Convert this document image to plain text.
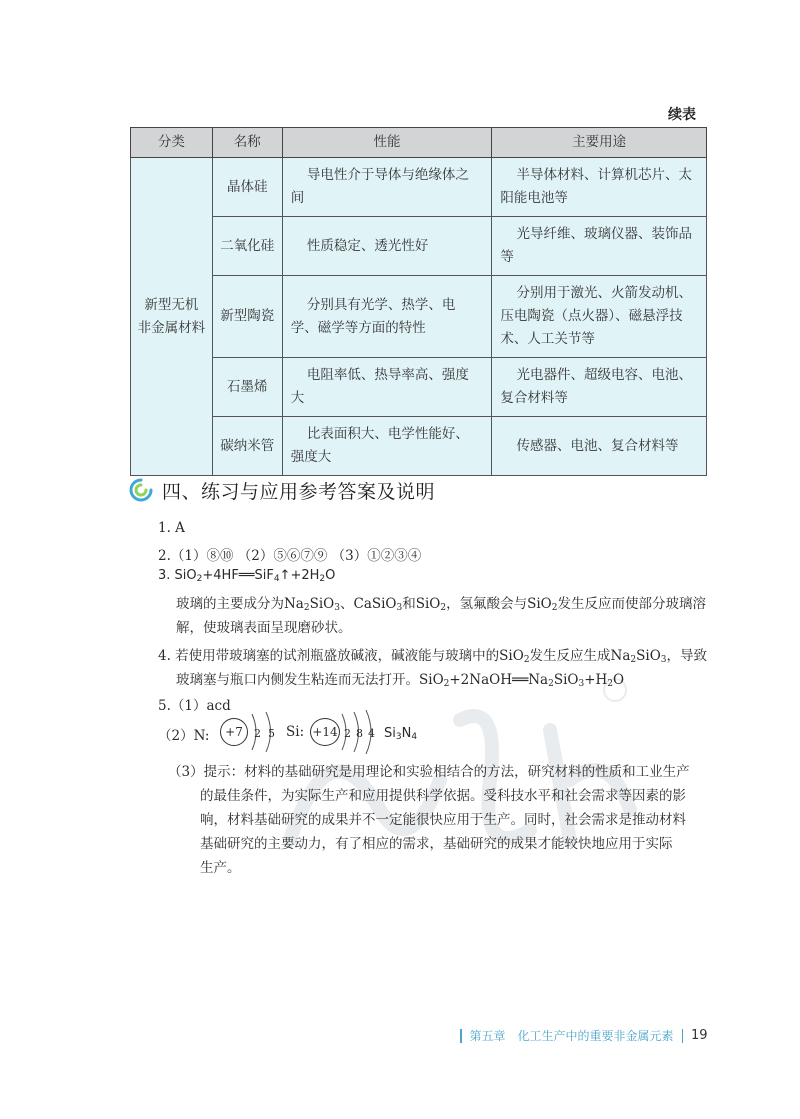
续表
分类	名称	性能	主要用途

新型无机
非金属材料	晶体硅	导电性介于导体与绝缘体之间	半导体材料、计算机芯片、太阳能电池等
	二氧化硅	性质稳定、透光性好	光导纤维、玻璃仪器、装饰品等
	新型陶瓷	分别具有光学、热学、电学、磁学等方面的特性	分别用于激光、火箭发动机、压电陶瓷（点火器）、磁悬浮技术、人工关节等
	石墨烯	电阻率低、热导率高、强度大	光电器件、超级电容、电池、复合材料等
	碳纳米管	比表面积大、电学性能好、强度大	传感器、电池、复合材料等
四、练习与应用参考答案及说明
1. A
2.（1）⑧⑩ （2）⑤⑥⑦⑨ （3）①②③④
3. $SiO_2+4HF══SiF_4↑+2H_2O$
玻璃的主要成分为$Na_2SiO_3$、CaSiO$_3$和SiO$_2$，氢氟酸会与SiO$_2$发生反应而使部分玻璃溶
解，使玻璃表面呈现磨砂状。
4. 若使用带玻璃塞的试剂瓶盛放碱液，碱液能与玻璃中的SiO$_2$发生反应生成$Na_2SiO_3$，导致
玻璃塞与瓶口内侧发生粘连而无法打开。$SiO_2+2NaOH══Na_2SiO_3+H_2O$
5.（1）acd
（2）N:	+7	2 5 Si: +14 2 8 4 $Si_3N_4$
（3）提示：材料的基础研究是用理论和实验相结合的方法，研究材料的性质和工业生产
的最佳条件，为实际生产和应用提供科学依据。受科技水平和社会需求等因素的影
响，材料基础研究的成果并不一定能很快应用于生产。同时，社会需求是推动材料
基础研究的主要动力，有了相应的需求，基础研究的成果才能较快地应用于实际
生产。
第五章　化工生产中的重要非金属元素 19
